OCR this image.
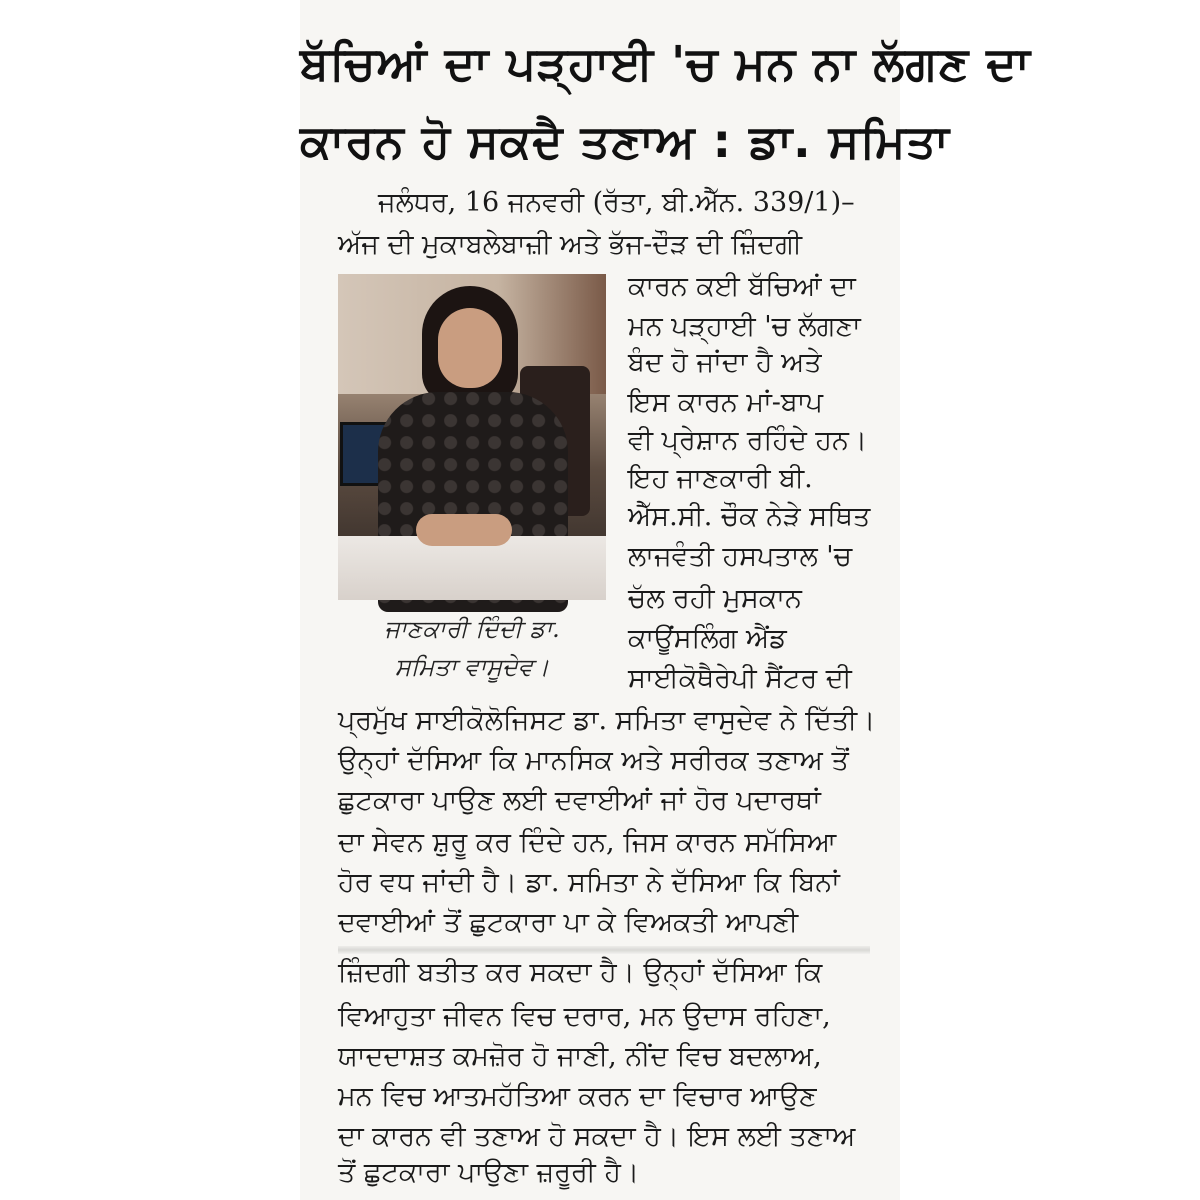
ਬੱਚਿਆਂ ਦਾ ਪੜ੍ਹਾਈ 'ਚ ਮਨ ਨਾ ਲੱਗਣ ਦਾ
ਕਾਰਨ ਹੋ ਸਕਦੈ ਤਣਾਅ : ਡਾ. ਸਮਿਤਾ
ਜਲੰਧਰ, 16 ਜਨਵਰੀ (ਰੱਤਾ, ਬੀ.ਐੱਨ. 339/1)–
ਅੱਜ ਦੀ ਮੁਕਾਬਲੇਬਾਜ਼ੀ ਅਤੇ ਭੱਜ-ਦੌੜ ਦੀ ਜ਼ਿੰਦਗੀ
ਜਾਣਕਾਰੀ ਦਿੰਦੀ ਡਾ.
ਸਮਿਤਾ ਵਾਸੂਦੇਵ।
ਕਾਰਨ ਕਈ ਬੱਚਿਆਂ ਦਾ
ਮਨ ਪੜ੍ਹਾਈ 'ਚ ਲੱਗਣਾ
ਬੰਦ ਹੋ ਜਾਂਦਾ ਹੈ ਅਤੇ
ਇਸ ਕਾਰਨ ਮਾਂ-ਬਾਪ
ਵੀ ਪ੍ਰੇਸ਼ਾਨ ਰਹਿੰਦੇ ਹਨ।
ਇਹ ਜਾਣਕਾਰੀ ਬੀ.
ਐੱਸ.ਸੀ. ਚੌਕ ਨੇੜੇ ਸਥਿਤ
ਲਾਜਵੰਤੀ ਹਸਪਤਾਲ 'ਚ
ਚੱਲ ਰਹੀ ਮੁਸਕਾਨ
ਕਾਊਂਸਲਿੰਗ ਐਂਡ
ਸਾਈਕੋਥੈਰੇਪੀ ਸੈਂਟਰ ਦੀ
ਪ੍ਰਮੁੱਖ ਸਾਈਕੋਲੋਜਿਸਟ ਡਾ. ਸਮਿਤਾ ਵਾਸੁਦੇਵ ਨੇ ਦਿੱਤੀ।
ਉਨ੍ਹਾਂ ਦੱਸਿਆ ਕਿ ਮਾਨਸਿਕ ਅਤੇ ਸਰੀਰਕ ਤਣਾਅ ਤੋਂ
ਛੁਟਕਾਰਾ ਪਾਉਣ ਲਈ ਦਵਾਈਆਂ ਜਾਂ ਹੋਰ ਪਦਾਰਥਾਂ
ਦਾ ਸੇਵਨ ਸ਼ੁਰੂ ਕਰ ਦਿੰਦੇ ਹਨ, ਜਿਸ ਕਾਰਨ ਸਮੱਸਿਆ
ਹੋਰ ਵਧ ਜਾਂਦੀ ਹੈ। ਡਾ. ਸਮਿਤਾ ਨੇ ਦੱਸਿਆ ਕਿ ਬਿਨਾਂ
ਦਵਾਈਆਂ ਤੋਂ ਛੁਟਕਾਰਾ ਪਾ ਕੇ ਵਿਅਕਤੀ ਆਪਣੀ
ਜ਼ਿੰਦਗੀ ਬਤੀਤ ਕਰ ਸਕਦਾ ਹੈ। ਉਨ੍ਹਾਂ ਦੱਸਿਆ ਕਿ
ਵਿਆਹੁਤਾ ਜੀਵਨ ਵਿਚ ਦਰਾਰ, ਮਨ ਉਦਾਸ ਰਹਿਣਾ,
ਯਾਦਦਾਸ਼ਤ ਕਮਜ਼ੋਰ ਹੋ ਜਾਣੀ, ਨੀਂਦ ਵਿਚ ਬਦਲਾਅ,
ਮਨ ਵਿਚ ਆਤਮਹੱਤਿਆ ਕਰਨ ਦਾ ਵਿਚਾਰ ਆਉਣ
ਦਾ ਕਾਰਨ ਵੀ ਤਣਾਅ ਹੋ ਸਕਦਾ ਹੈ। ਇਸ ਲਈ ਤਣਾਅ
ਤੋਂ ਛੁਟਕਾਰਾ ਪਾਉਣਾ ਜ਼ਰੂਰੀ ਹੈ।
